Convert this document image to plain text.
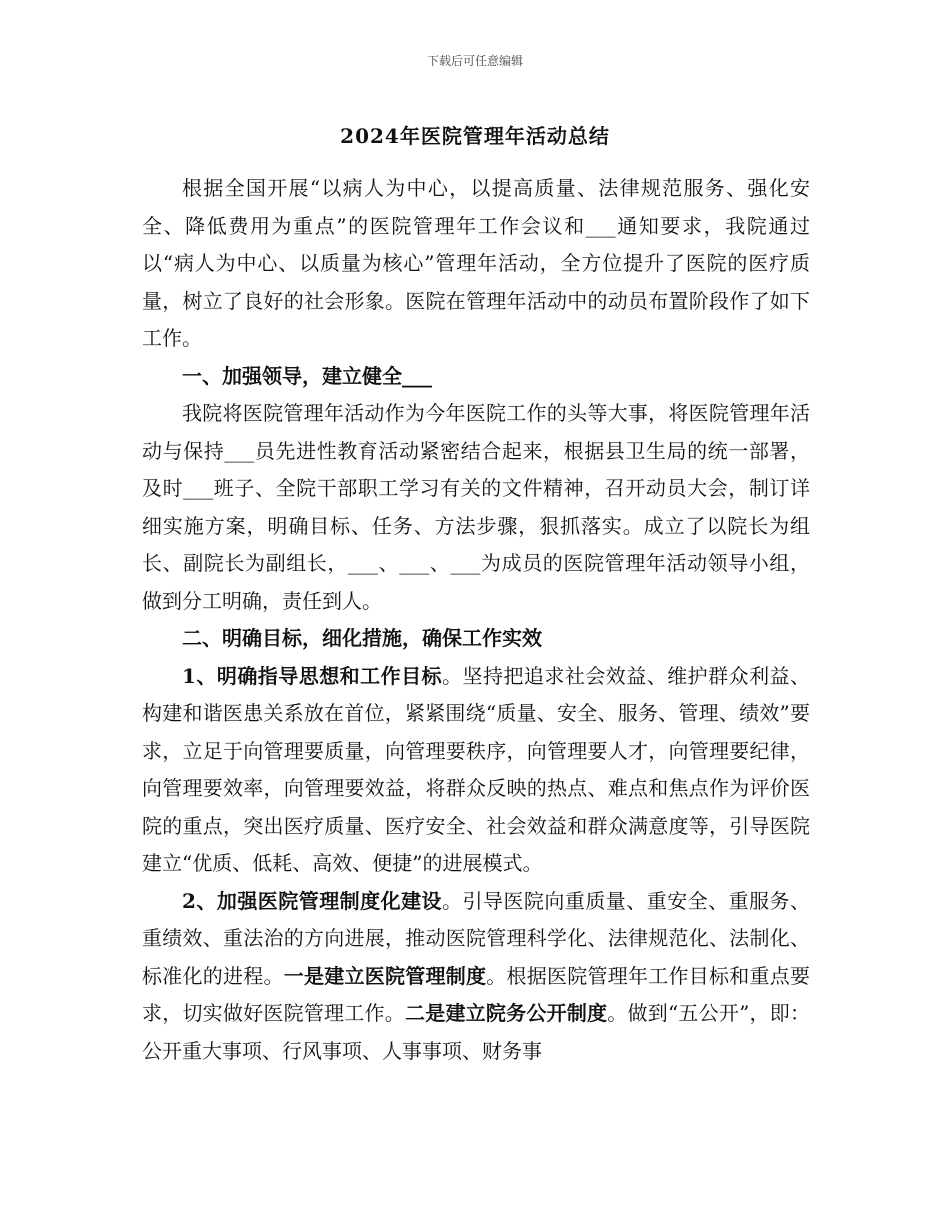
下载后可任意编辑
2024年医院管理年活动总结

根据全国开展“以病人为中心，以提高质量、法律规范服务、强化安全、降低费用为重点”的医院管理年工作会议和___通知要求，我院通过以“病人为中心、以质量为核心”管理年活动，全方位提升了医院的医疗质量，树立了良好的社会形象。医院在管理年活动中的动员布置阶段作了如下工作。

一、加强领导，建立健全___

我院将医院管理年活动作为今年医院工作的头等大事，将医院管理年活动与保持___员先进性教育活动紧密结合起来，根据县卫生局的统一部署，及时___班子、全院干部职工学习有关的文件精神，召开动员大会，制订详细实施方案，明确目标、任务、方法步骤，狠抓落实。成立了以院长为组长、副院长为副组长，___、___、___为成员的医院管理年活动领导小组，做到分工明确，责任到人。

二、明确目标，细化措施，确保工作实效

1、明确指导思想和工作目标。坚持把追求社会效益、维护群众利益、构建和谐医患关系放在首位，紧紧围绕“质量、安全、服务、管理、绩效”要求，立足于向管理要质量，向管理要秩序，向管理要人才，向管理要纪律，向管理要效率，向管理要效益，将群众反映的热点、难点和焦点作为评价医院的重点，突出医疗质量、医疗安全、社会效益和群众满意度等，引导医院建立“优质、低耗、高效、便捷”的进展模式。

2、加强医院管理制度化建设。引导医院向重质量、重安全、重服务、重绩效、重法治的方向进展，推动医院管理科学化、法律规范化、法制化、标准化的进程。一是建立医院管理制度。根据医院管理年工作目标和重点要求，切实做好医院管理工作。二是建立院务公开制度。做到“五公开”，即：公开重大事项、行风事项、人事事项、财务事
